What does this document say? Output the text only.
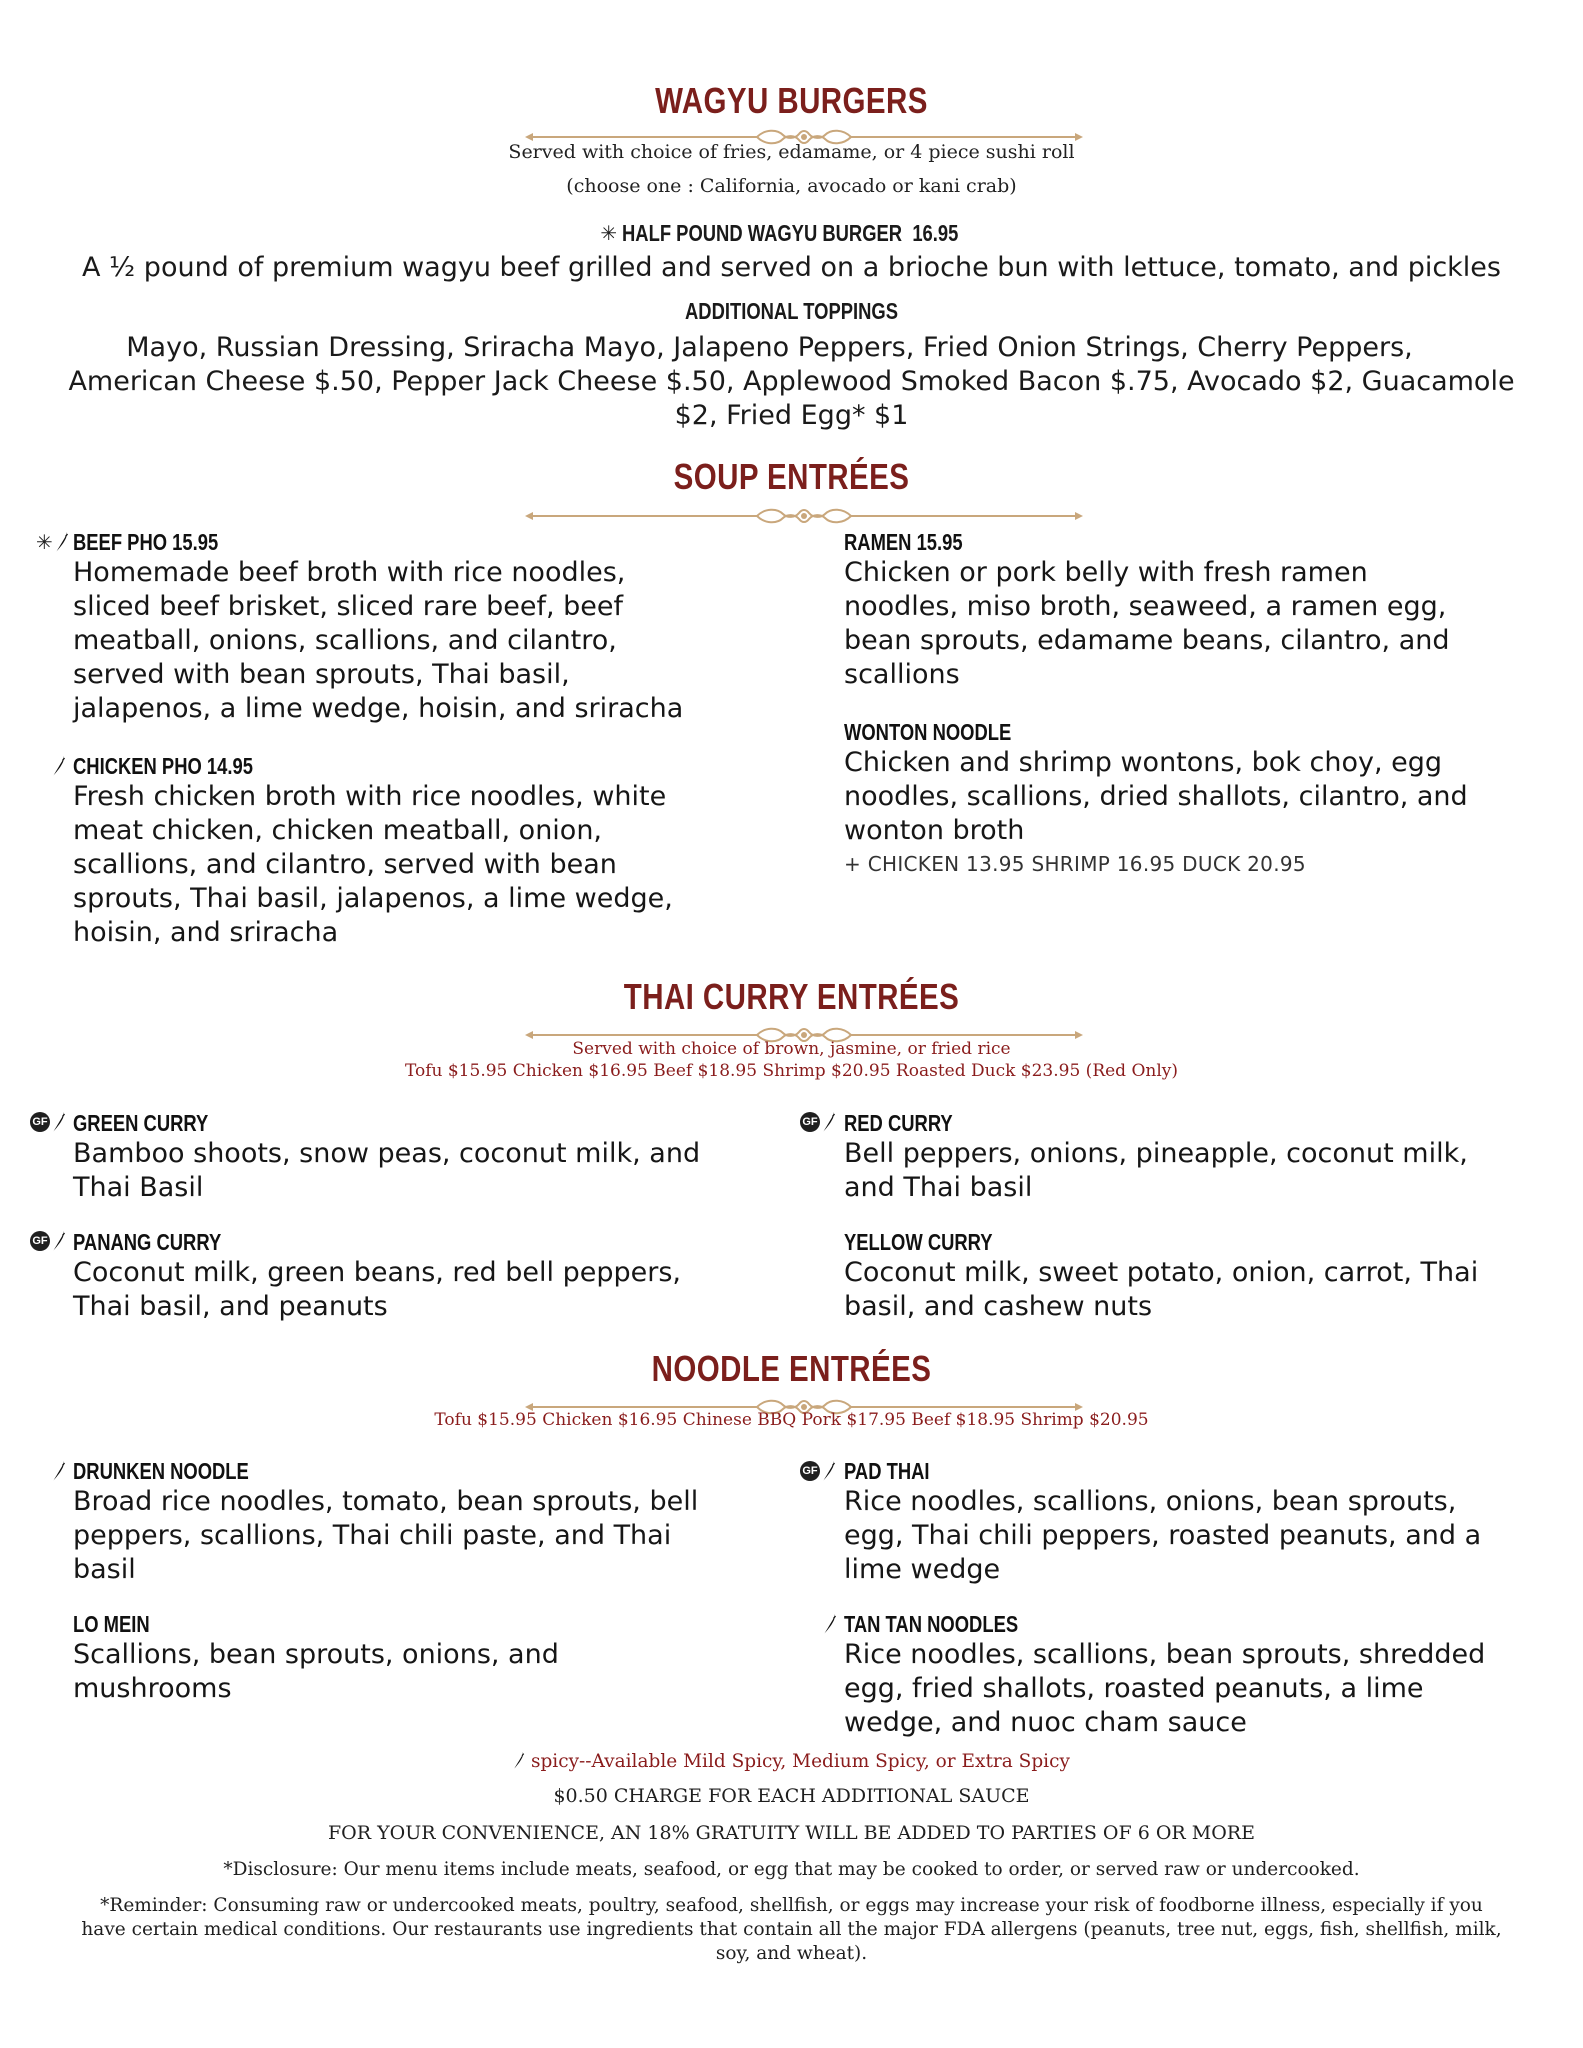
WAGYU BURGERS
Served with choice of fries, edamame, or 4 piece sushi roll
(choose one : California, avocado or kani crab)
✳ HALF POUND WAGYU BURGER 16.95
A ½ pound of premium wagyu beef grilled and served on a brioche bun with lettuce, tomato, and pickles
ADDITIONAL TOPPINGS
Mayo, Russian Dressing, Sriracha Mayo, Jalapeno Peppers, Fried Onion Strings, Cherry Peppers,
American Cheese $.50, Pepper Jack Cheese $.50, Applewood Smoked Bacon $.75, Avocado $2, Guacamole
$2, Fried Egg* $1
SOUP ENTRÉES
✳ BEEF PHO 15.95
Homemade beef broth with rice noodles, sliced beef brisket, sliced rare beef, beef meatball, onions, scallions, and cilantro, served with bean sprouts, Thai basil, jalapenos, a lime wedge, hoisin, and sriracha
CHICKEN PHO 14.95
Fresh chicken broth with rice noodles, white meat chicken, chicken meatball, onion, scallions, and cilantro, served with bean sprouts, Thai basil, jalapenos, a lime wedge, hoisin, and sriracha
RAMEN 15.95
Chicken or pork belly with fresh ramen noodles, miso broth, seaweed, a ramen egg, bean sprouts, edamame beans, cilantro, and scallions
WONTON NOODLE
Chicken and shrimp wontons, bok choy, egg noodles, scallions, dried shallots, cilantro, and wonton broth
+ CHICKEN 13.95 SHRIMP 16.95 DUCK 20.95
THAI CURRY ENTRÉES
Served with choice of brown, jasmine, or fried rice
Tofu $15.95 Chicken $16.95 Beef $18.95 Shrimp $20.95 Roasted Duck $23.95 (Red Only)
GF GREEN CURRY
Bamboo shoots, snow peas, coconut milk, and Thai Basil
GF PANANG CURRY
Coconut milk, green beans, red bell peppers, Thai basil, and peanuts
GF RED CURRY
Bell peppers, onions, pineapple, coconut milk, and Thai basil
YELLOW CURRY
Coconut milk, sweet potato, onion, carrot, Thai basil, and cashew nuts
NOODLE ENTRÉES
Tofu $15.95 Chicken $16.95 Chinese BBQ Pork $17.95 Beef $18.95 Shrimp $20.95
DRUNKEN NOODLE
Broad rice noodles, tomato, bean sprouts, bell peppers, scallions, Thai chili paste, and Thai basil
LO MEIN
Scallions, bean sprouts, onions, and mushrooms
GF PAD THAI
Rice noodles, scallions, onions, bean sprouts, egg, Thai chili peppers, roasted peanuts, and a lime wedge
TAN TAN NOODLES
Rice noodles, scallions, bean sprouts, shredded egg, fried shallots, roasted peanuts, a lime wedge, and nuoc cham sauce
spicy--Available Mild Spicy, Medium Spicy, or Extra Spicy
$0.50 CHARGE FOR EACH ADDITIONAL SAUCE
FOR YOUR CONVENIENCE, AN 18% GRATUITY WILL BE ADDED TO PARTIES OF 6 OR MORE
*Disclosure: Our menu items include meats, seafood, or egg that may be cooked to order, or served raw or undercooked.
*Reminder: Consuming raw or undercooked meats, poultry, seafood, shellfish, or eggs may increase your risk of foodborne illness, especially if you have certain medical conditions. Our restaurants use ingredients that contain all the major FDA allergens (peanuts, tree nut, eggs, fish, shellfish, milk, soy, and wheat).
